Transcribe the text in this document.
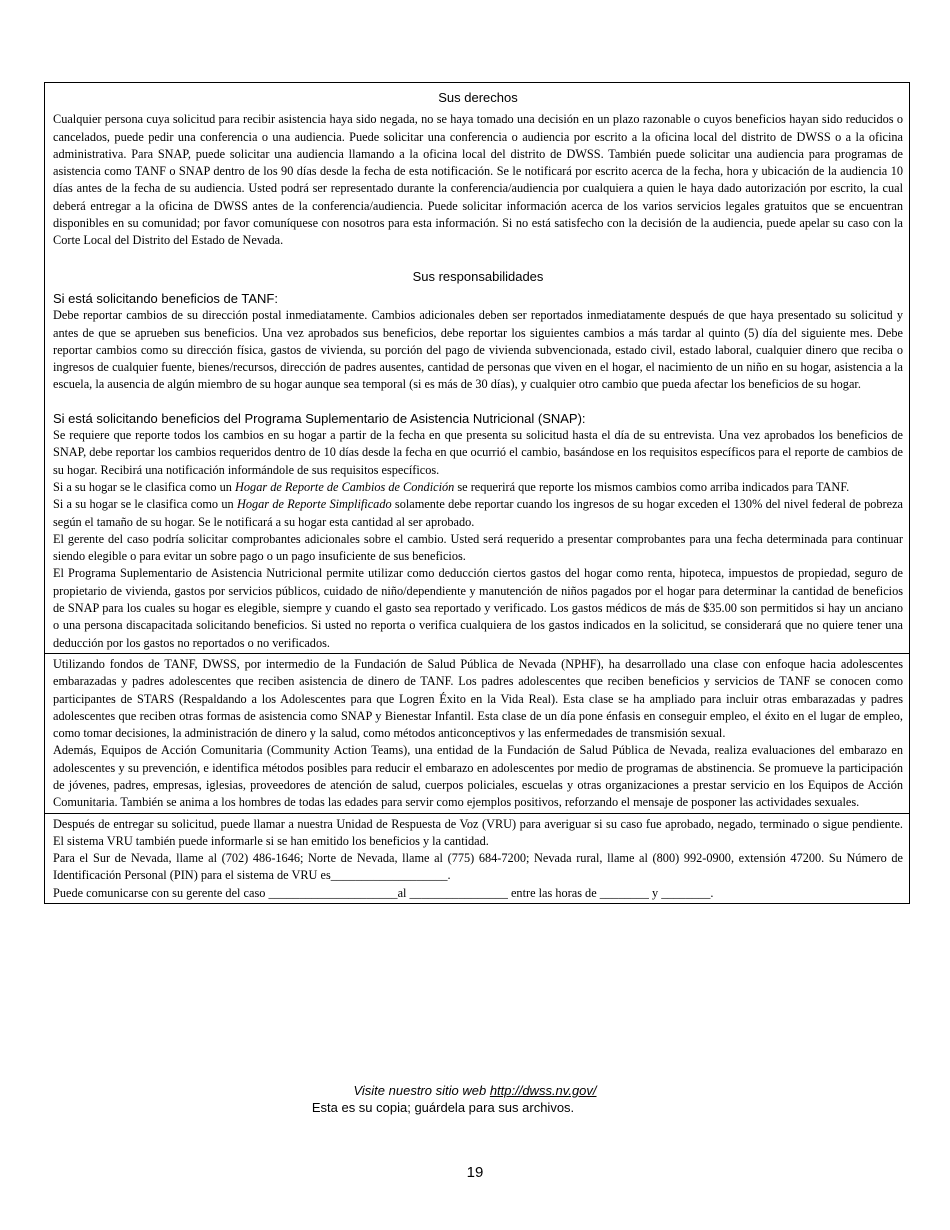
Sus derechos

Cualquier persona cuya solicitud para recibir asistencia haya sido negada, no se haya tomado una decisión en un plazo razonable o cuyos beneficios hayan sido reducidos o cancelados, puede pedir una conferencia o una audiencia. Puede solicitar una conferencia o audiencia por escrito a la oficina local del distrito de DWSS o a la oficina administrativa. Para SNAP, puede solicitar una audiencia llamando a la oficina local del distrito de DWSS. También puede solicitar una audiencia para programas de asistencia como TANF o SNAP dentro de los 90 días desde la fecha de esta notificación. Se le notificará por escrito acerca de la fecha, hora y ubicación de la audiencia 10 días antes de la fecha de su audiencia. Usted podrá ser representado durante la conferencia/audiencia por cualquiera a quien le haya dado autorización por escrito, la cual deberá entregar a la oficina de DWSS antes de la conferencia/audiencia. Puede solicitar información acerca de los varios servicios legales gratuitos que se encuentran disponibles en su comunidad; por favor comuníquese con nosotros para esta información. Si no está satisfecho con la decisión de la audiencia, puede apelar su caso con la Corte Local del Distrito del Estado de Nevada.

Sus responsabilidades

Si está solicitando beneficios de TANF:

Debe reportar cambios de su dirección postal inmediatamente. Cambios adicionales deben ser reportados inmediatamente después de que haya presentado su solicitud y antes de que se aprueben sus beneficios. Una vez aprobados sus beneficios, debe reportar los siguientes cambios a más tardar al quinto (5) día del siguiente mes. Debe reportar cambios como su dirección física, gastos de vivienda, su porción del pago de vivienda subvencionada, estado civil, estado laboral, cualquier dinero que reciba o ingresos de cualquier fuente, bienes/recursos, dirección de padres ausentes, cantidad de personas que viven en el hogar, el nacimiento de un niño en su hogar, asistencia a la escuela, la ausencia de algún miembro de su hogar aunque sea temporal (si es más de 30 días), y cualquier otro cambio que pueda afectar los beneficios de su hogar.

Si está solicitando beneficios del Programa Suplementario de Asistencia Nutricional (SNAP):

Se requiere que reporte todos los cambios en su hogar a partir de la fecha en que presenta su solicitud hasta el día de su entrevista. Una vez aprobados los beneficios de SNAP, debe reportar los cambios requeridos dentro de 10 días desde la fecha en que ocurrió el cambio, basándose en los requisitos específicos para el reporte de cambios de su hogar. Recibirá una notificación informándole de sus requisitos específicos.

Si a su hogar se le clasifica como un Hogar de Reporte de Cambios de Condición se requerirá que reporte los mismos cambios como arriba indicados para TANF.

Si a su hogar se le clasifica como un Hogar de Reporte Simplificado solamente debe reportar cuando los ingresos de su hogar exceden el 130% del nivel federal de pobreza según el tamaño de su hogar. Se le notificará a su hogar esta cantidad al ser aprobado.

El gerente del caso podría solicitar comprobantes adicionales sobre el cambio. Usted será requerido a presentar comprobantes para una fecha determinada para continuar siendo elegible o para evitar un sobre pago o un pago insuficiente de sus beneficios.

El Programa Suplementario de Asistencia Nutricional permite utilizar como deducción ciertos gastos del hogar como renta, hipoteca, impuestos de propiedad, seguro de propietario de vivienda, gastos por servicios públicos, cuidado de niño/dependiente y manutención de niños pagados por el hogar para determinar la cantidad de beneficios de SNAP para los cuales su hogar es elegible, siempre y cuando el gasto sea reportado y verificado. Los gastos médicos de más de $35.00 son permitidos si hay un anciano o una persona discapacitada solicitando beneficios. Si usted no reporta o verifica cualquiera de los gastos indicados en la solicitud, se considerará que no quiere tener una deducción por los gastos no reportados o no verificados.

Utilizando fondos de TANF, DWSS, por intermedio de la Fundación de Salud Pública de Nevada (NPHF), ha desarrollado una clase con enfoque hacia adolescentes embarazadas y padres adolescentes que reciben asistencia de dinero de TANF. Los padres adolescentes que reciben beneficios y servicios de TANF se conocen como participantes de STARS (Respaldando a los Adolescentes para que Logren Éxito en la Vida Real). Esta clase se ha ampliado para incluir otras embarazadas y padres adolescentes que reciben otras formas de asistencia como SNAP y Bienestar Infantil. Esta clase de un día pone énfasis en conseguir empleo, el éxito en el lugar de empleo, como tomar decisiones, la administración de dinero y la salud, como métodos anticonceptivos y las enfermedades de transmisión sexual.

Además, Equipos de Acción Comunitaria (Community Action Teams), una entidad de la Fundación de Salud Pública de Nevada, realiza evaluaciones del embarazo en adolescentes y su prevención, e identifica métodos posibles para reducir el embarazo en adolescentes por medio de programas de abstinencia. Se promueve la participación de jóvenes, padres, empresas, iglesias, proveedores de atención de salud, cuerpos policiales, escuelas y otras organizaciones a prestar servicio en los Equipos de Acción Comunitaria. También se anima a los hombres de todas las edades para servir como ejemplos positivos, reforzando el mensaje de posponer las actividades sexuales.

Después de entregar su solicitud, puede llamar a nuestra Unidad de Respuesta de Voz (VRU) para averiguar si su caso fue aprobado, negado, terminado o sigue pendiente. El sistema VRU también puede informarle si se han emitido los beneficios y la cantidad.

Para el Sur de Nevada, llame al (702) 486-1646; Norte de Nevada, llame al (775) 684-7200; Nevada rural, llame al (800) 992-0900, extensión 47200. Su Número de Identificación Personal (PIN) para el sistema de VRU es___________________.

Puede comunicarse con su gerente del caso _____________________al ________________ entre las horas de ________ y ________.

Visite nuestro sitio web http://dwss.nv.gov/
Esta es su copia; guárdela para sus archivos.
19
